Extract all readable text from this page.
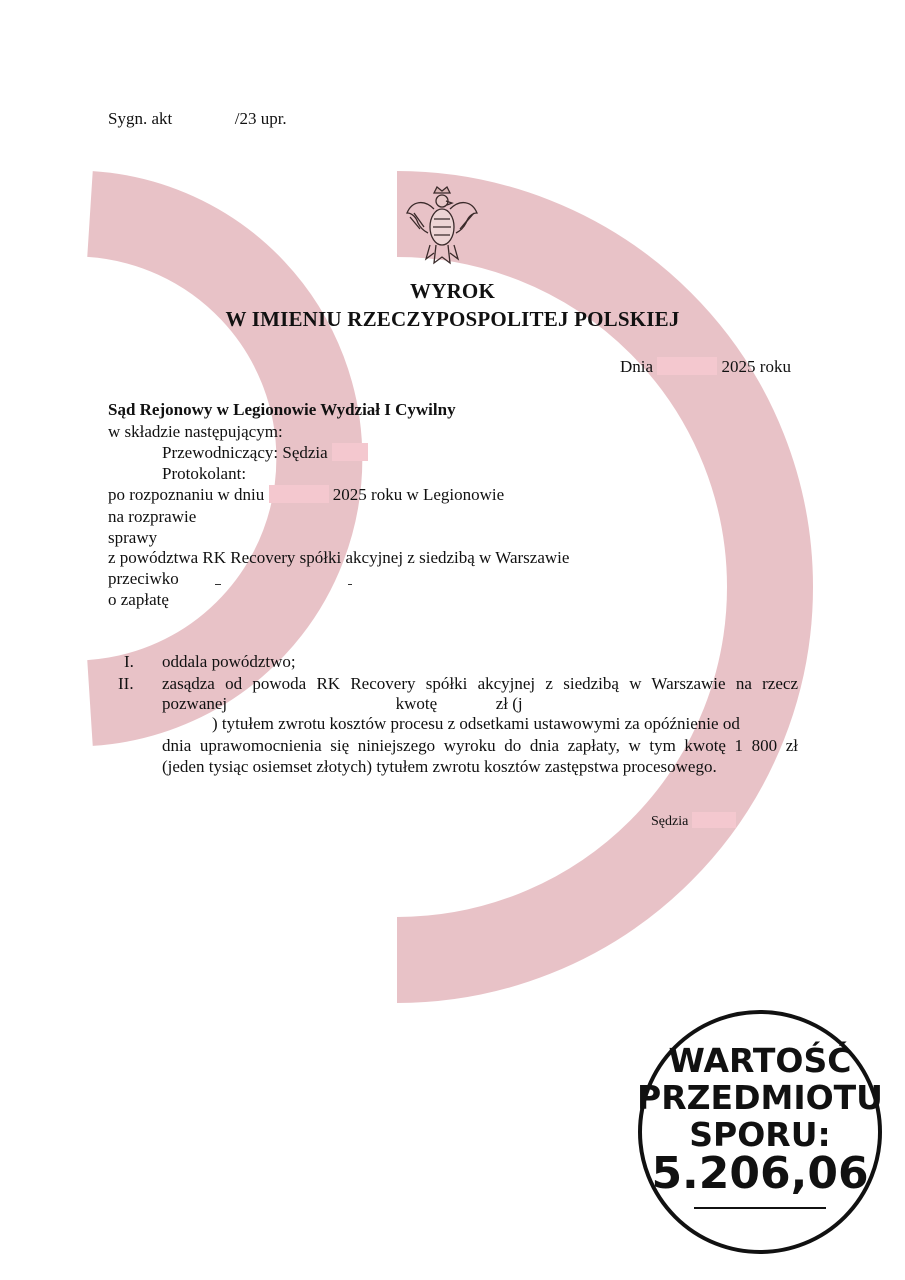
Sygn. akt	/23 upr.
WYROK
W IMIENIU RZECZYPOSPOLITEJ POLSKIEJ
Dnia	2025 roku
Sąd Rejonowy w Legionowie Wydział I Cywilny
w składzie następującym:
Przewodniczący: Sędzia
Protokolant:
po rozpoznaniu w dniu	2025 roku w Legionowie
na rozprawie
sprawy
z powództwa RK Recovery spółki akcyjnej z siedzibą w Warszawie
przeciwko
o zapłatę
I. oddala powództwo;
II. zasądza od powoda RK Recovery spółki akcyjnej z siedzibą w Warszawie na rzecz
pozwanej	kwotę	zł (j
) tytułem zwrotu kosztów procesu z odsetkami ustawowymi za opóźnienie od
dnia uprawomocnienia się niniejszego wyroku do dnia zapłaty, w tym kwotę 1 800 zł
(jeden tysiąc osiemset złotych) tytułem zwrotu kosztów zastępstwa procesowego.
Sędzia
WARTOŚĆ
PRZEDMIOTU
SPORU:
5.206,06
